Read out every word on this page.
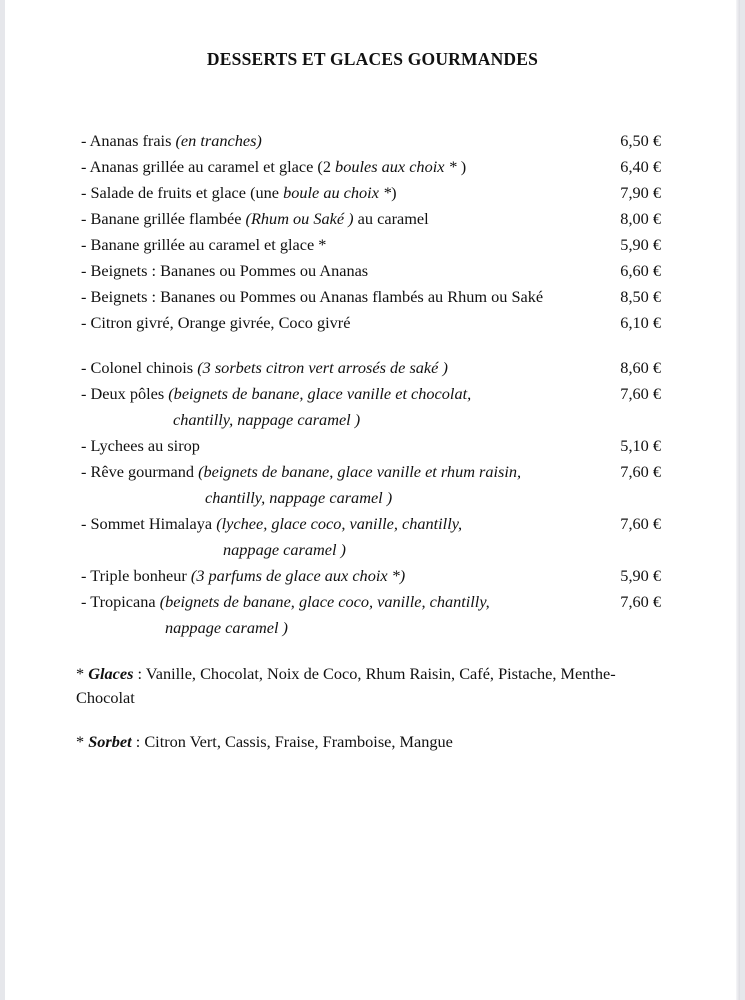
DESSERTS ET GLACES GOURMANDES
- Ananas frais (en tranches)	6,50 €
- Ananas grillée au caramel et glace (2 boules aux choix * )	6,40 €
- Salade de fruits et glace (une boule au choix *)	7,90 €
- Banane grillée flambée (Rhum ou Saké ) au caramel	8,00 €
- Banane grillée au caramel et glace *	5,90 €
- Beignets : Bananes ou Pommes ou Ananas	6,60 €
- Beignets : Bananes ou Pommes ou Ananas flambés au Rhum ou Saké	8,50 €
- Citron givré, Orange givrée, Coco givré	6,10 €
- Colonel chinois (3 sorbets citron vert arrosés de saké )	8,60 €
- Deux pôles (beignets de banane, glace vanille et chocolat,	7,60 €
chantilly, nappage caramel )
- Lychees au sirop	5,10 €
- Rêve gourmand (beignets de banane, glace vanille et rhum raisin,	7,60 €
chantilly, nappage caramel )
- Sommet Himalaya (lychee, glace coco, vanille, chantilly,	7,60 €
nappage caramel )
- Triple bonheur (3 parfums de glace aux choix *)	5,90 €
- Tropicana (beignets de banane, glace coco, vanille, chantilly,	7,60 €
nappage caramel )
* Glaces : Vanille, Chocolat, Noix de Coco, Rhum Raisin, Café, Pistache, Menthe-Chocolat
* Sorbet : Citron Vert, Cassis, Fraise, Framboise, Mangue
